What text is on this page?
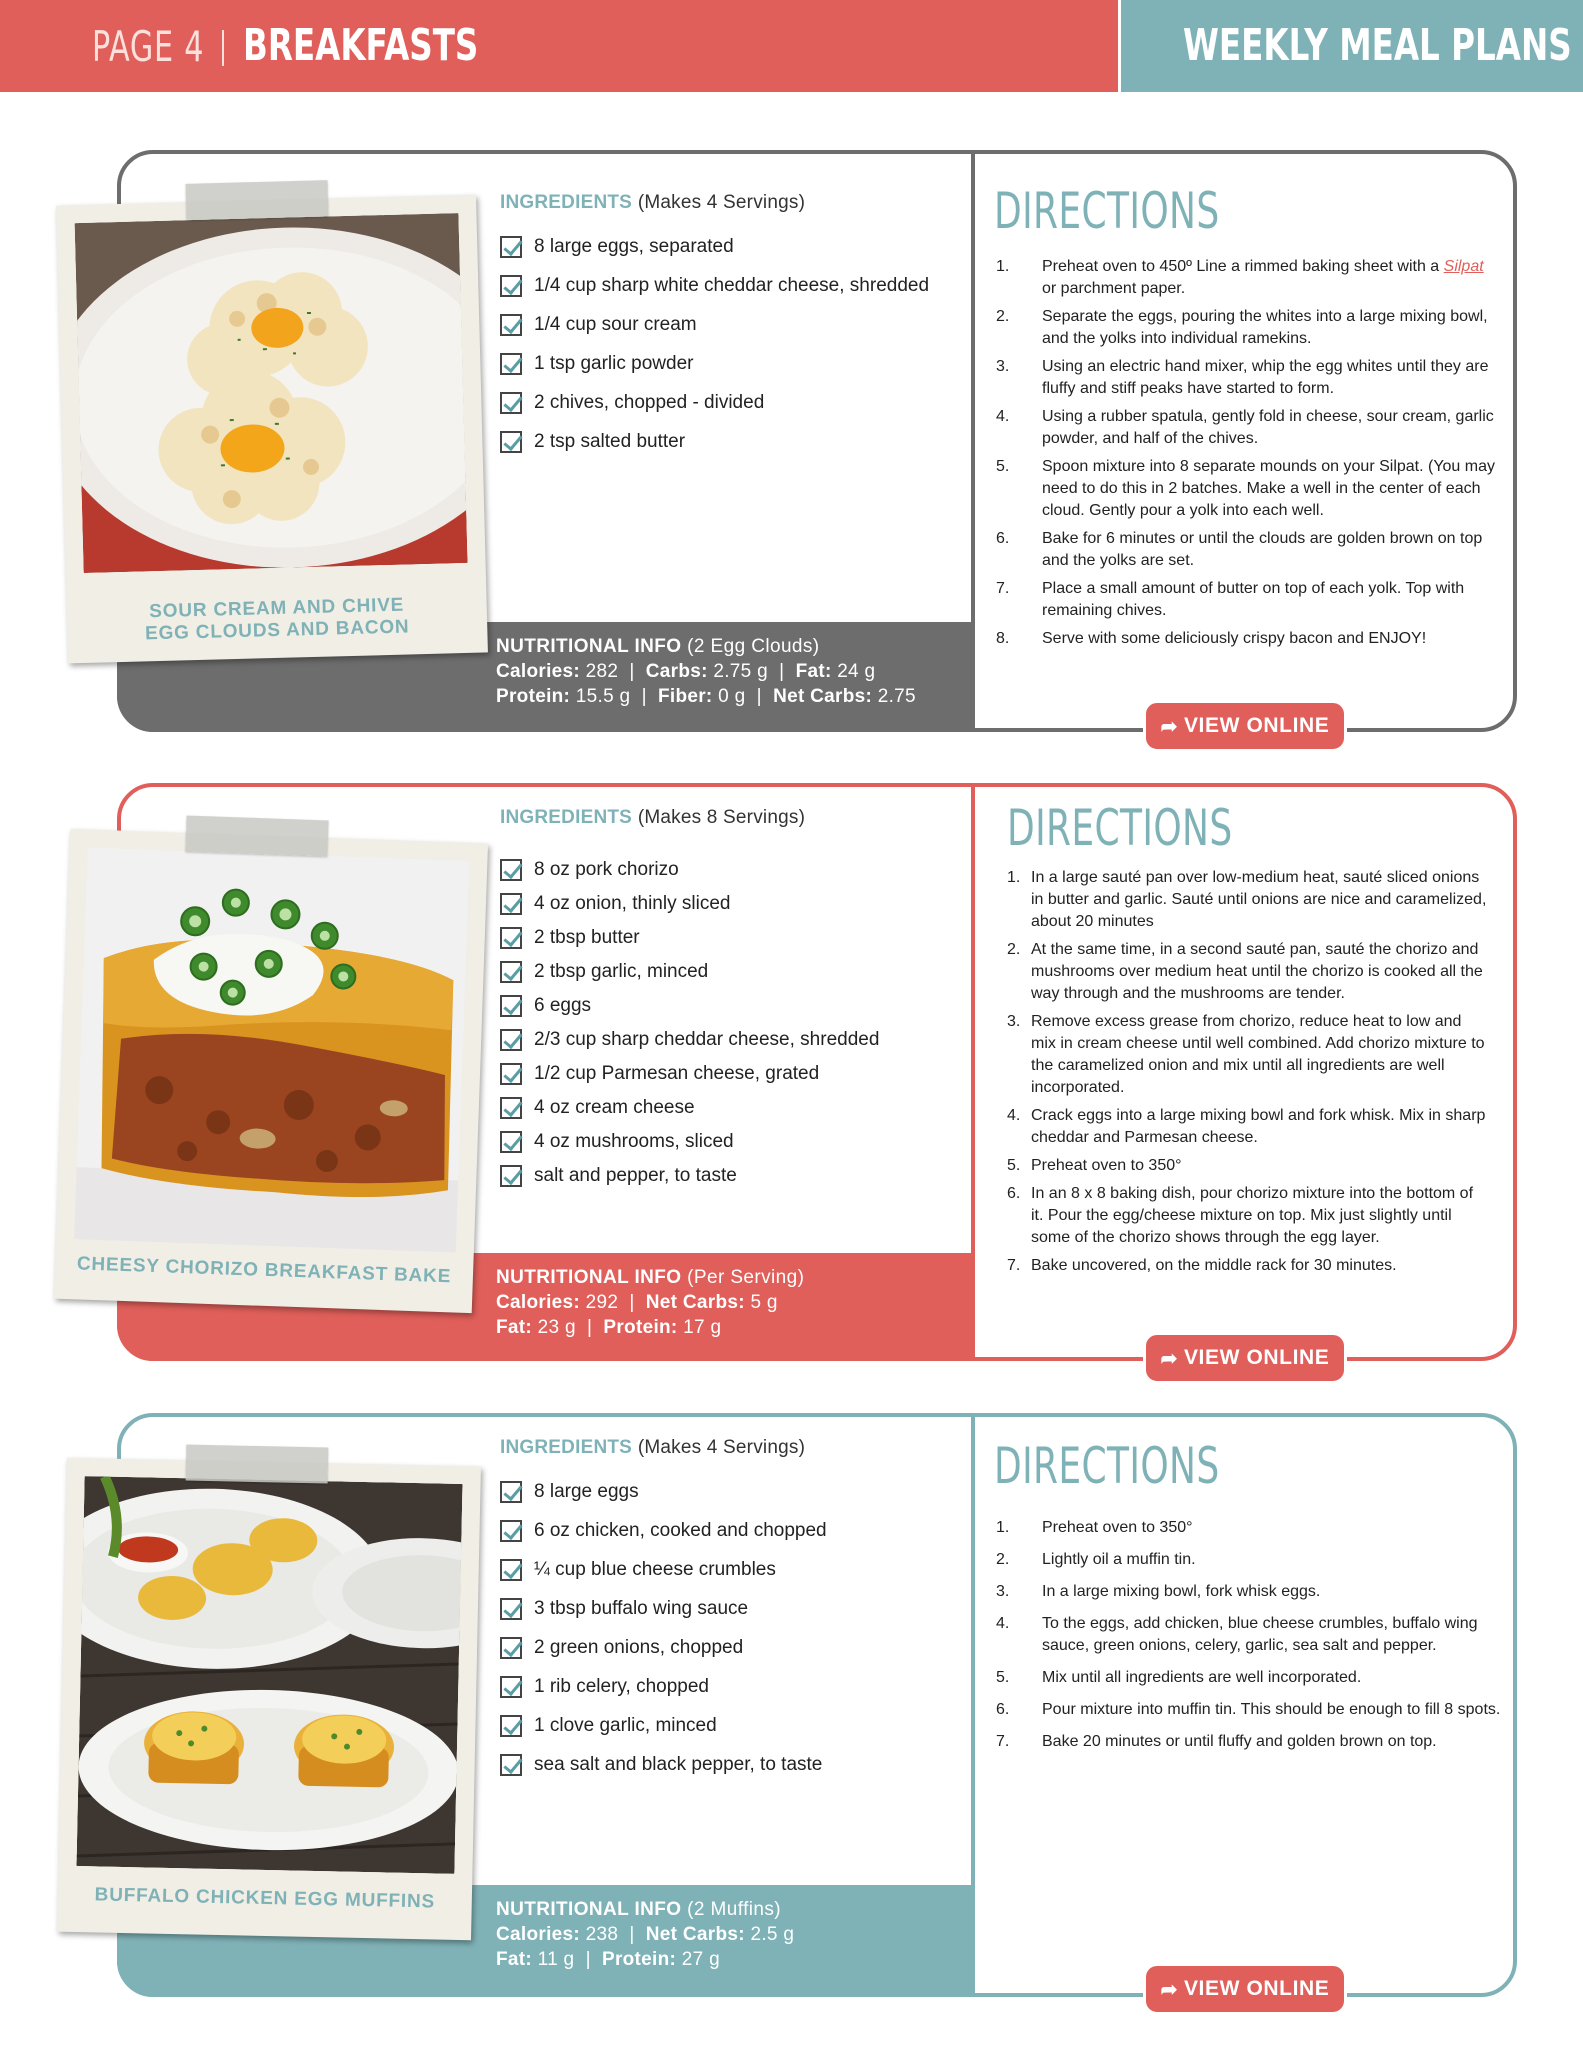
PAGE 4 BREAKFASTS	WEEKLY MEAL PLANS
NUTRITIONAL INFO (2 Egg Clouds)
Calories: 282  |  Carbs: 2.75 g  |  Fat: 24 g
Protein: 15.5 g  |  Fiber: 0 g  |  Net Carbs: 2.75
INGREDIENTS (Makes 4 Servings)
8 large eggs, separated
1/4 cup sharp white cheddar cheese, shredded
1/4 cup sour cream
1 tsp garlic powder
2 chives, chopped - divided
2 tsp salted butter
DIRECTIONS
1.	Preheat oven to 450º Line a rimmed baking sheet with a Silpat or parchment paper.
2.	Separate the eggs, pouring the whites into a large mixing bowl, and the yolks into individual ramekins.
3.	Using an electric hand mixer, whip the egg whites until they are fluffy and stiff peaks have started to form.
4.	Using a rubber spatula, gently fold in cheese, sour cream, garlic powder, and half of the chives.
5.	Spoon mixture into 8 separate mounds on your Silpat. (You may need to do this in 2 batches. Make a well in the center of each cloud. Gently pour a yolk into each well.
6.	Bake for 6 minutes or until the clouds are golden brown on top and the yolks are set.
7.	Place a small amount of butter on top of each yolk. Top with remaining chives.
8.	Serve with some deliciously crispy bacon and ENJOY!
➦ VIEW ONLINE
SOUR CREAM AND CHIVE
EGG CLOUDS AND BACON
NUTRITIONAL INFO (Per Serving)
Calories: 292  |  Net Carbs: 5 g
Fat: 23 g  |  Protein: 17 g
INGREDIENTS (Makes 8 Servings)
8 oz pork chorizo
4 oz onion, thinly sliced
2 tbsp butter
2 tbsp garlic, minced
6 eggs
2/3 cup sharp cheddar cheese, shredded
1/2 cup Parmesan cheese, grated
4 oz cream cheese
4 oz mushrooms, sliced
salt and pepper, to taste
DIRECTIONS
1. In a large sauté pan over low-medium heat, sauté sliced onions in butter and garlic. Sauté until onions are nice and caramelized, about 20 minutes
2. At the same time, in a second sauté pan, sauté the chorizo and mushrooms over medium heat until the chorizo is cooked all the way through and the mushrooms are tender.
3. Remove excess grease from chorizo, reduce heat to low and mix in cream cheese until well combined. Add chorizo mixture to the caramelized onion and mix until all ingredients are well incorporated.
4. Crack eggs into a large mixing bowl and fork whisk. Mix in sharp cheddar and Parmesan cheese.
5. Preheat oven to 350°
6. In an 8 x 8 baking dish, pour chorizo mixture into the bottom of it. Pour the egg/cheese mixture on top. Mix just slightly until some of the chorizo shows through the egg layer.
7. Bake uncovered, on the middle rack for 30 minutes.
➦ VIEW ONLINE
CHEESY CHORIZO BREAKFAST BAKE
NUTRITIONAL INFO (2 Muffins)
Calories: 238  |  Net Carbs: 2.5 g
Fat: 11 g  |  Protein: 27 g
INGREDIENTS (Makes 4 Servings)
8 large eggs
6 oz chicken, cooked and chopped
¼ cup blue cheese crumbles
3 tbsp buffalo wing sauce
2 green onions, chopped
1 rib celery, chopped
1 clove garlic, minced
sea salt and black pepper, to taste
DIRECTIONS
1.	Preheat oven to 350°
2.	Lightly oil a muffin tin.
3.	In a large mixing bowl, fork whisk eggs.
4.	To the eggs, add chicken, blue cheese crumbles, buffalo wing sauce, green onions, celery, garlic, sea salt and pepper.
5.	Mix until all ingredients are well incorporated.
6.	Pour mixture into muffin tin. This should be enough to fill 8 spots.
7.	Bake 20 minutes or until fluffy and golden brown on top.
➦ VIEW ONLINE
BUFFALO CHICKEN EGG MUFFINS
